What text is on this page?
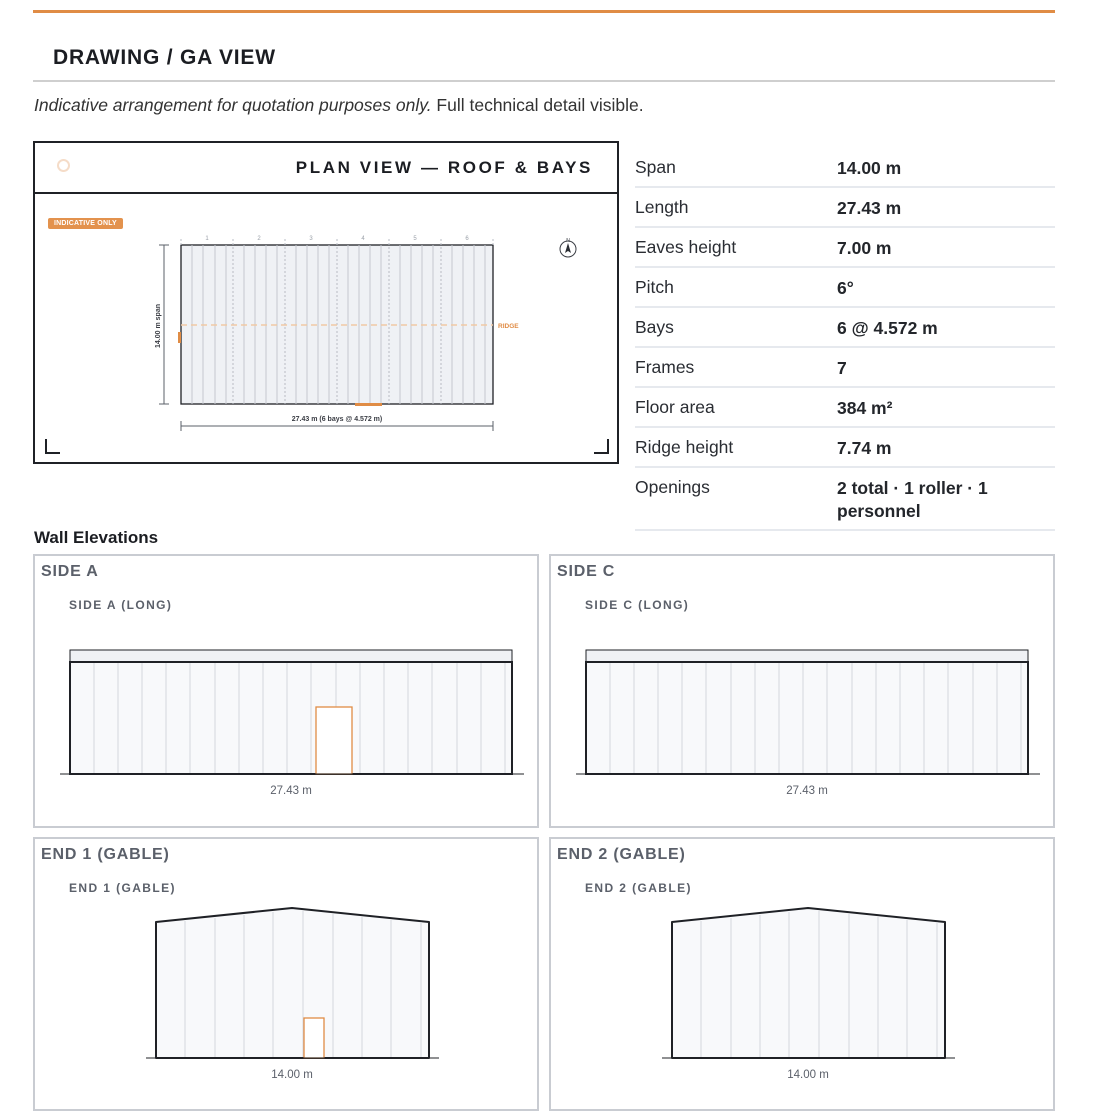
DRAWING / GA VIEW
Indicative arrangement for quotation purposes only. Full technical detail visible.
PLAN VIEW — ROOF & BAYS
INDICATIVE ONLY
RIDGE
1	2	3	4	5	6
14.00 m span
27.43 m (6 bays @ 4.572 m)
N
Span	14.00 m
Length	27.43 m
Eaves height	7.00 m
Pitch	6°
Bays	6 @ 4.572 m
Frames	7
Floor area	384 m²
Ridge height	7.74 m
Openings	2 total · 1 roller · 1 personnel
Wall Elevations
SIDE A
SIDE A (LONG)
27.43 m
SIDE C
SIDE C (LONG)
27.43 m
END 1 (GABLE)
END 1 (GABLE)
14.00 m
END 2 (GABLE)
END 2 (GABLE)
14.00 m
